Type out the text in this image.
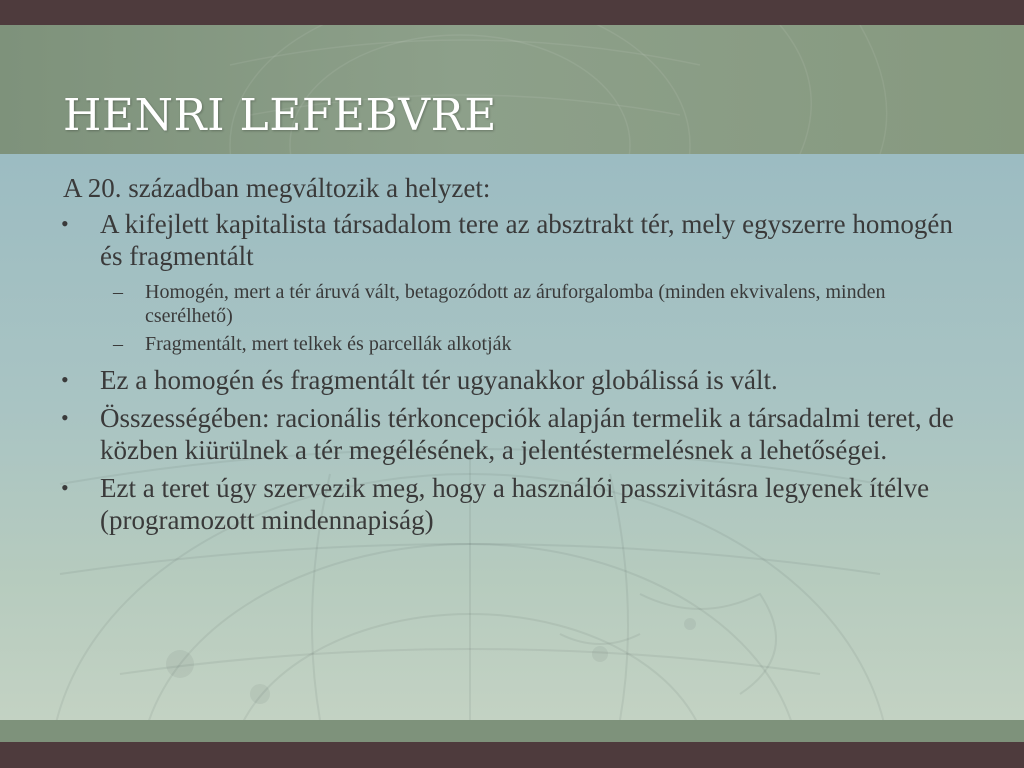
HENRI LEFEBVRE

A 20. században megváltozik a helyzet:

• A kifejlett kapitalista társadalom tere az absztrakt tér, mely egyszerre homogén és fragmentált
– Homogén, mert a tér áruvá vált, betagozódott az áruforgalomba (minden ekvivalens, minden cserélhető)
– Fragmentált, mert telkek és parcellák alkotják
• Ez a homogén és fragmentált tér ugyanakkor globálissá is vált.
• Összességében: racionális térkoncepciók alapján termelik a társadalmi teret, de közben kiürülnek a tér megélésének, a jelentéstermelésnek a lehetőségei.
• Ezt a teret úgy szervezik meg, hogy a használói passzivitásra legyenek ítélve (programozott mindennapiság)
